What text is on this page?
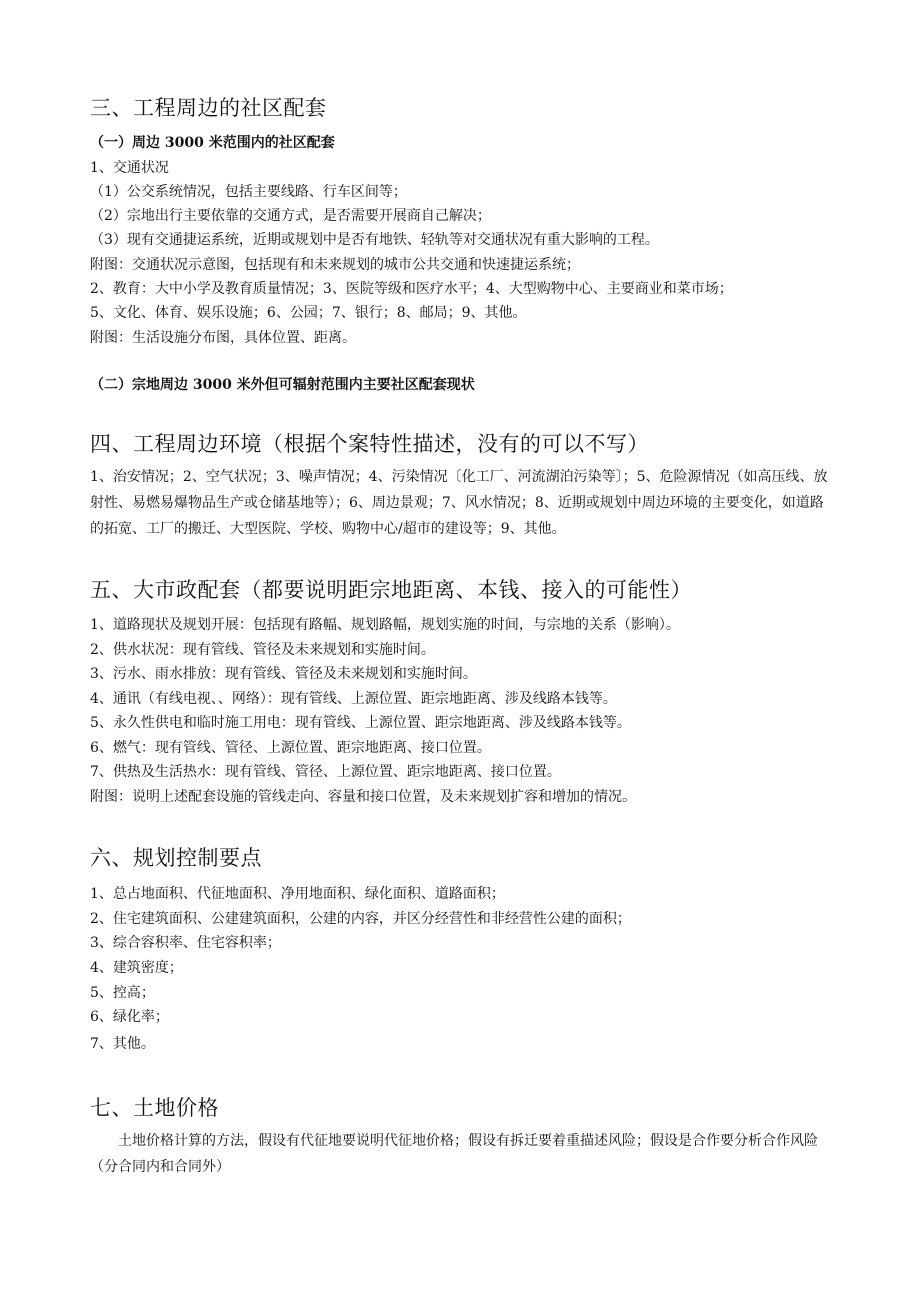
三、工程周边的社区配套
（一）周边 3000 米范围内的社区配套
1、交通状况
（1）公交系统情况，包括主要线路、行车区间等；
（2）宗地出行主要依靠的交通方式，是否需要开展商自己解决；
（3）现有交通捷运系统，近期或规划中是否有地铁、轻轨等对交通状况有重大影响的工程。
附图：交通状况示意图，包括现有和未来规划的城市公共交通和快速捷运系统；
2、教育：大中小学及教育质量情况；3、医院等级和医疗水平；4、大型购物中心、主要商业和菜市场；
5、文化、体育、娱乐设施；6、公园；7、银行；8、邮局；9、其他。
附图：生活设施分布图，具体位置、距离。
（二）宗地周边 3000 米外但可辐射范围内主要社区配套现状
四、工程周边环境（根据个案特性描述，没有的可以不写）
1、治安情况；2、空气状况；3、噪声情况；4、污染情况〔化工厂、河流湖泊污染等〕；5、危险源情况（如高压线、放射性、易燃易爆物品生产或仓储基地等）；6、周边景观；7、风水情况；8、近期或规划中周边环境的主要变化，如道路的拓宽、工厂的搬迁、大型医院、学校、购物中心/超市的建设等；9、其他。
五、大市政配套（都要说明距宗地距离、本钱、接入的可能性）
1、道路现状及规划开展：包括现有路幅、规划路幅，规划实施的时间，与宗地的关系（影响）。
2、供水状况：现有管线、管径及未来规划和实施时间。
3、污水、雨水排放：现有管线、管径及未来规划和实施时间。
4、通讯（有线电视、、网络）：现有管线、上源位置、距宗地距离、涉及线路本钱等。
5、永久性供电和临时施工用电：现有管线、上源位置、距宗地距离、涉及线路本钱等。
6、燃气：现有管线、管径、上源位置、距宗地距离、接口位置。
7、供热及生活热水：现有管线、管径、上源位置、距宗地距离、接口位置。
附图：说明上述配套设施的管线走向、容量和接口位置，及未来规划扩容和增加的情况。
六、规划控制要点
1、总占地面积、代征地面积、净用地面积、绿化面积、道路面积；
2、住宅建筑面积、公建建筑面积，公建的内容，并区分经营性和非经营性公建的面积；
3、综合容积率、住宅容积率；
4、建筑密度；
5、控高；
6、绿化率；
7、其他。
七、土地价格
土地价格计算的方法，假设有代征地要说明代征地价格；假设有拆迁要着重描述风险；假设是合作要分析合作风险（分合同内和合同外）
